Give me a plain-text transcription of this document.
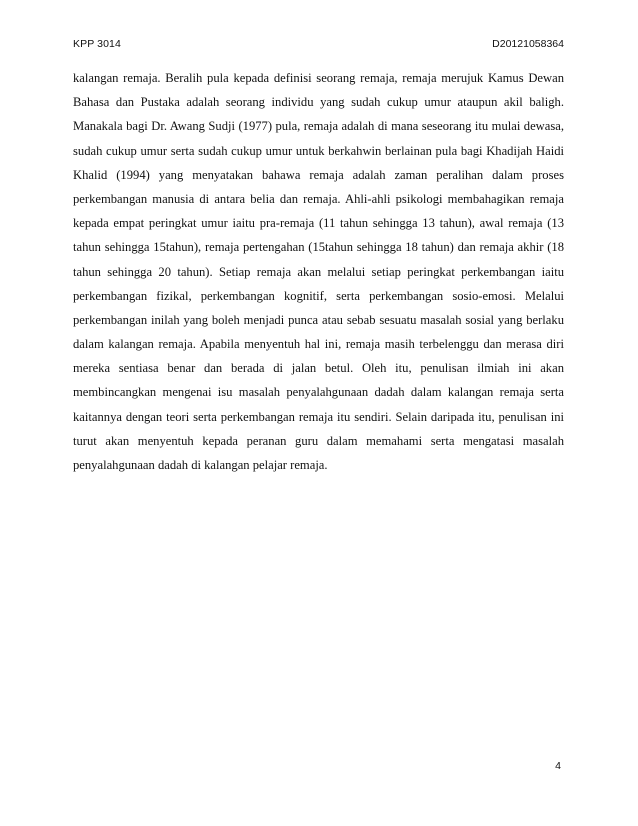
KPP 3014	D20121058364
kalangan remaja. Beralih pula kepada definisi seorang remaja, remaja merujuk Kamus Dewan
Bahasa dan Pustaka adalah seorang individu yang sudah cukup umur ataupun akil baligh.
Manakala bagi Dr. Awang Sudji (1977) pula, remaja adalah di mana seseorang itu mulai dewasa,
sudah cukup umur serta sudah cukup umur untuk berkahwin berlainan pula bagi Khadijah Haidi
Khalid (1994) yang menyatakan bahawa remaja adalah zaman peralihan dalam proses
perkembangan manusia di antara belia dan remaja. Ahli-ahli psikologi membahagikan remaja
kepada empat peringkat umur iaitu pra-remaja (11 tahun sehingga 13 tahun), awal remaja (13
tahun sehingga 15tahun), remaja pertengahan (15tahun sehingga 18 tahun) dan remaja akhir (18
tahun sehingga 20 tahun). Setiap remaja akan melalui setiap peringkat perkembangan iaitu
perkembangan fizikal, perkembangan kognitif, serta perkembangan sosio-emosi. Melalui
perkembangan inilah yang boleh menjadi punca atau sebab sesuatu masalah sosial yang berlaku
dalam kalangan remaja. Apabila menyentuh hal ini, remaja masih terbelenggu dan merasa diri
mereka sentiasa benar dan berada di jalan betul. Oleh itu, penulisan ilmiah ini akan
membincangkan mengenai isu masalah penyalahgunaan dadah dalam kalangan remaja serta
kaitannya dengan teori serta perkembangan remaja itu sendiri. Selain daripada itu, penulisan ini
turut akan menyentuh kepada peranan guru dalam memahami serta mengatasi masalah
penyalahgunaan dadah di kalangan pelajar remaja.
4
